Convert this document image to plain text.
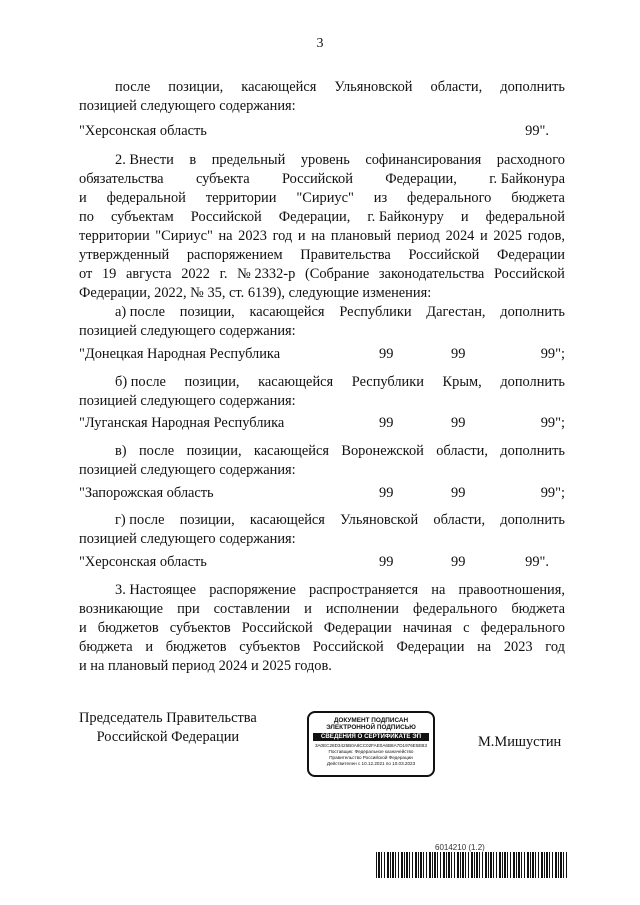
3
после позиции, касающейся Ульяновской области, дополнить
позицией следующего содержания:
"Херсонская область	99".
2. Внести в предельный уровень софинансирования расходного
обязательства субъекта Российской Федерации, г. Байконура
и федеральной территории "Сириус" из федерального бюджета
по субъектам Российской Федерации, г. Байконуру и федеральной
территории "Сириус" на 2023 год и на плановый период 2024 и 2025 годов,
утвержденный распоряжением Правительства Российской Федерации
от 19 августа 2022 г. № 2332-р (Собрание законодательства Российской
Федерации, 2022, № 35, ст. 6139), следующие изменения:
а) после позиции, касающейся Республики Дагестан, дополнить
позицией следующего содержания:
"Донецкая Народная Республика	99	99	99";
б) после позиции, касающейся Республики Крым, дополнить
позицией следующего содержания:
"Луганская Народная Республика	99	99	99";
в) после позиции, касающейся Воронежской области, дополнить
позицией следующего содержания:
"Запорожская область	99	99	99";
г) после позиции, касающейся Ульяновской области, дополнить
позицией следующего содержания:
"Херсонская область	99	99	99".
3. Настоящее распоряжение распространяется на правоотношения,
возникающие при составлении и исполнении федерального бюджета
и бюджетов субъектов Российской Федерации начиная с федерального
бюджета и бюджетов субъектов Российской Федерации на 2023 год
и на плановый период 2024 и 2025 годов.
Председатель Правительства
Российской Федерации
ДОКУМЕНТ ПОДПИСАН
ЭЛЕКТРОННОЙ ПОДПИСЬЮ
СВЕДЕНИЯ О СЕРТИФИКАТЕ ЭП
3A0EC28D3425B0A8CC02FAE0A6B8A7D1976E5EB3
Поставщик: Федеральное казначейство
Правительство Российской Федерации
Действителен с 10.12.2021 по 10.03.2023
М.Мишустин
6014210 (1.2)
